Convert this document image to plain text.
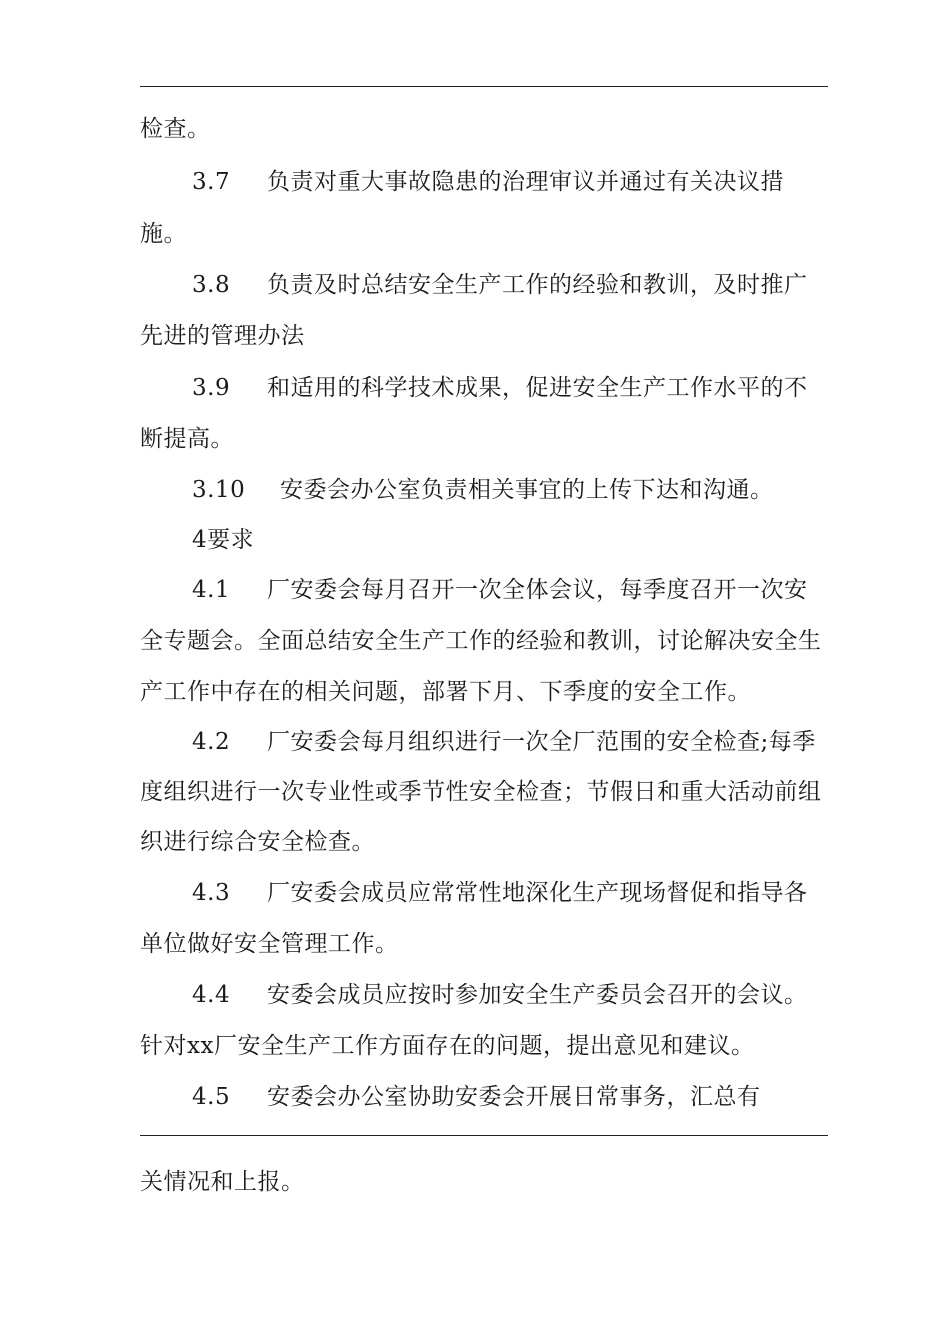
检查。
3.7 负责对重大事故隐患的治理审议并通过有关决议措
施。
3.8 负责及时总结安全生产工作的经验和教训，及时推广
先进的管理办法
3.9 和适用的科学技术成果，促进安全生产工作水平的不
断提高。
3.10 安委会办公室负责相关事宜的上传下达和沟通。
4要求
4.1 厂安委会每月召开一次全体会议，每季度召开一次安
全专题会。全面总结安全生产工作的经验和教训，讨论解决安全生
产工作中存在的相关问题，部署下月、下季度的安全工作。
4.2 厂安委会每月组织进行一次全厂范围的安全检查;每季
度组织进行一次专业性或季节性安全检查；节假日和重大活动前组
织进行综合安全检查。
4.3 厂安委会成员应常常性地深化生产现场督促和指导各
单位做好安全管理工作。
4.4 安委会成员应按时参加安全生产委员会召开的会议。
针对xx厂安全生产工作方面存在的问题，提出意见和建议。
4.5 安委会办公室协助安委会开展日常事务，汇总有
关情况和上报。
